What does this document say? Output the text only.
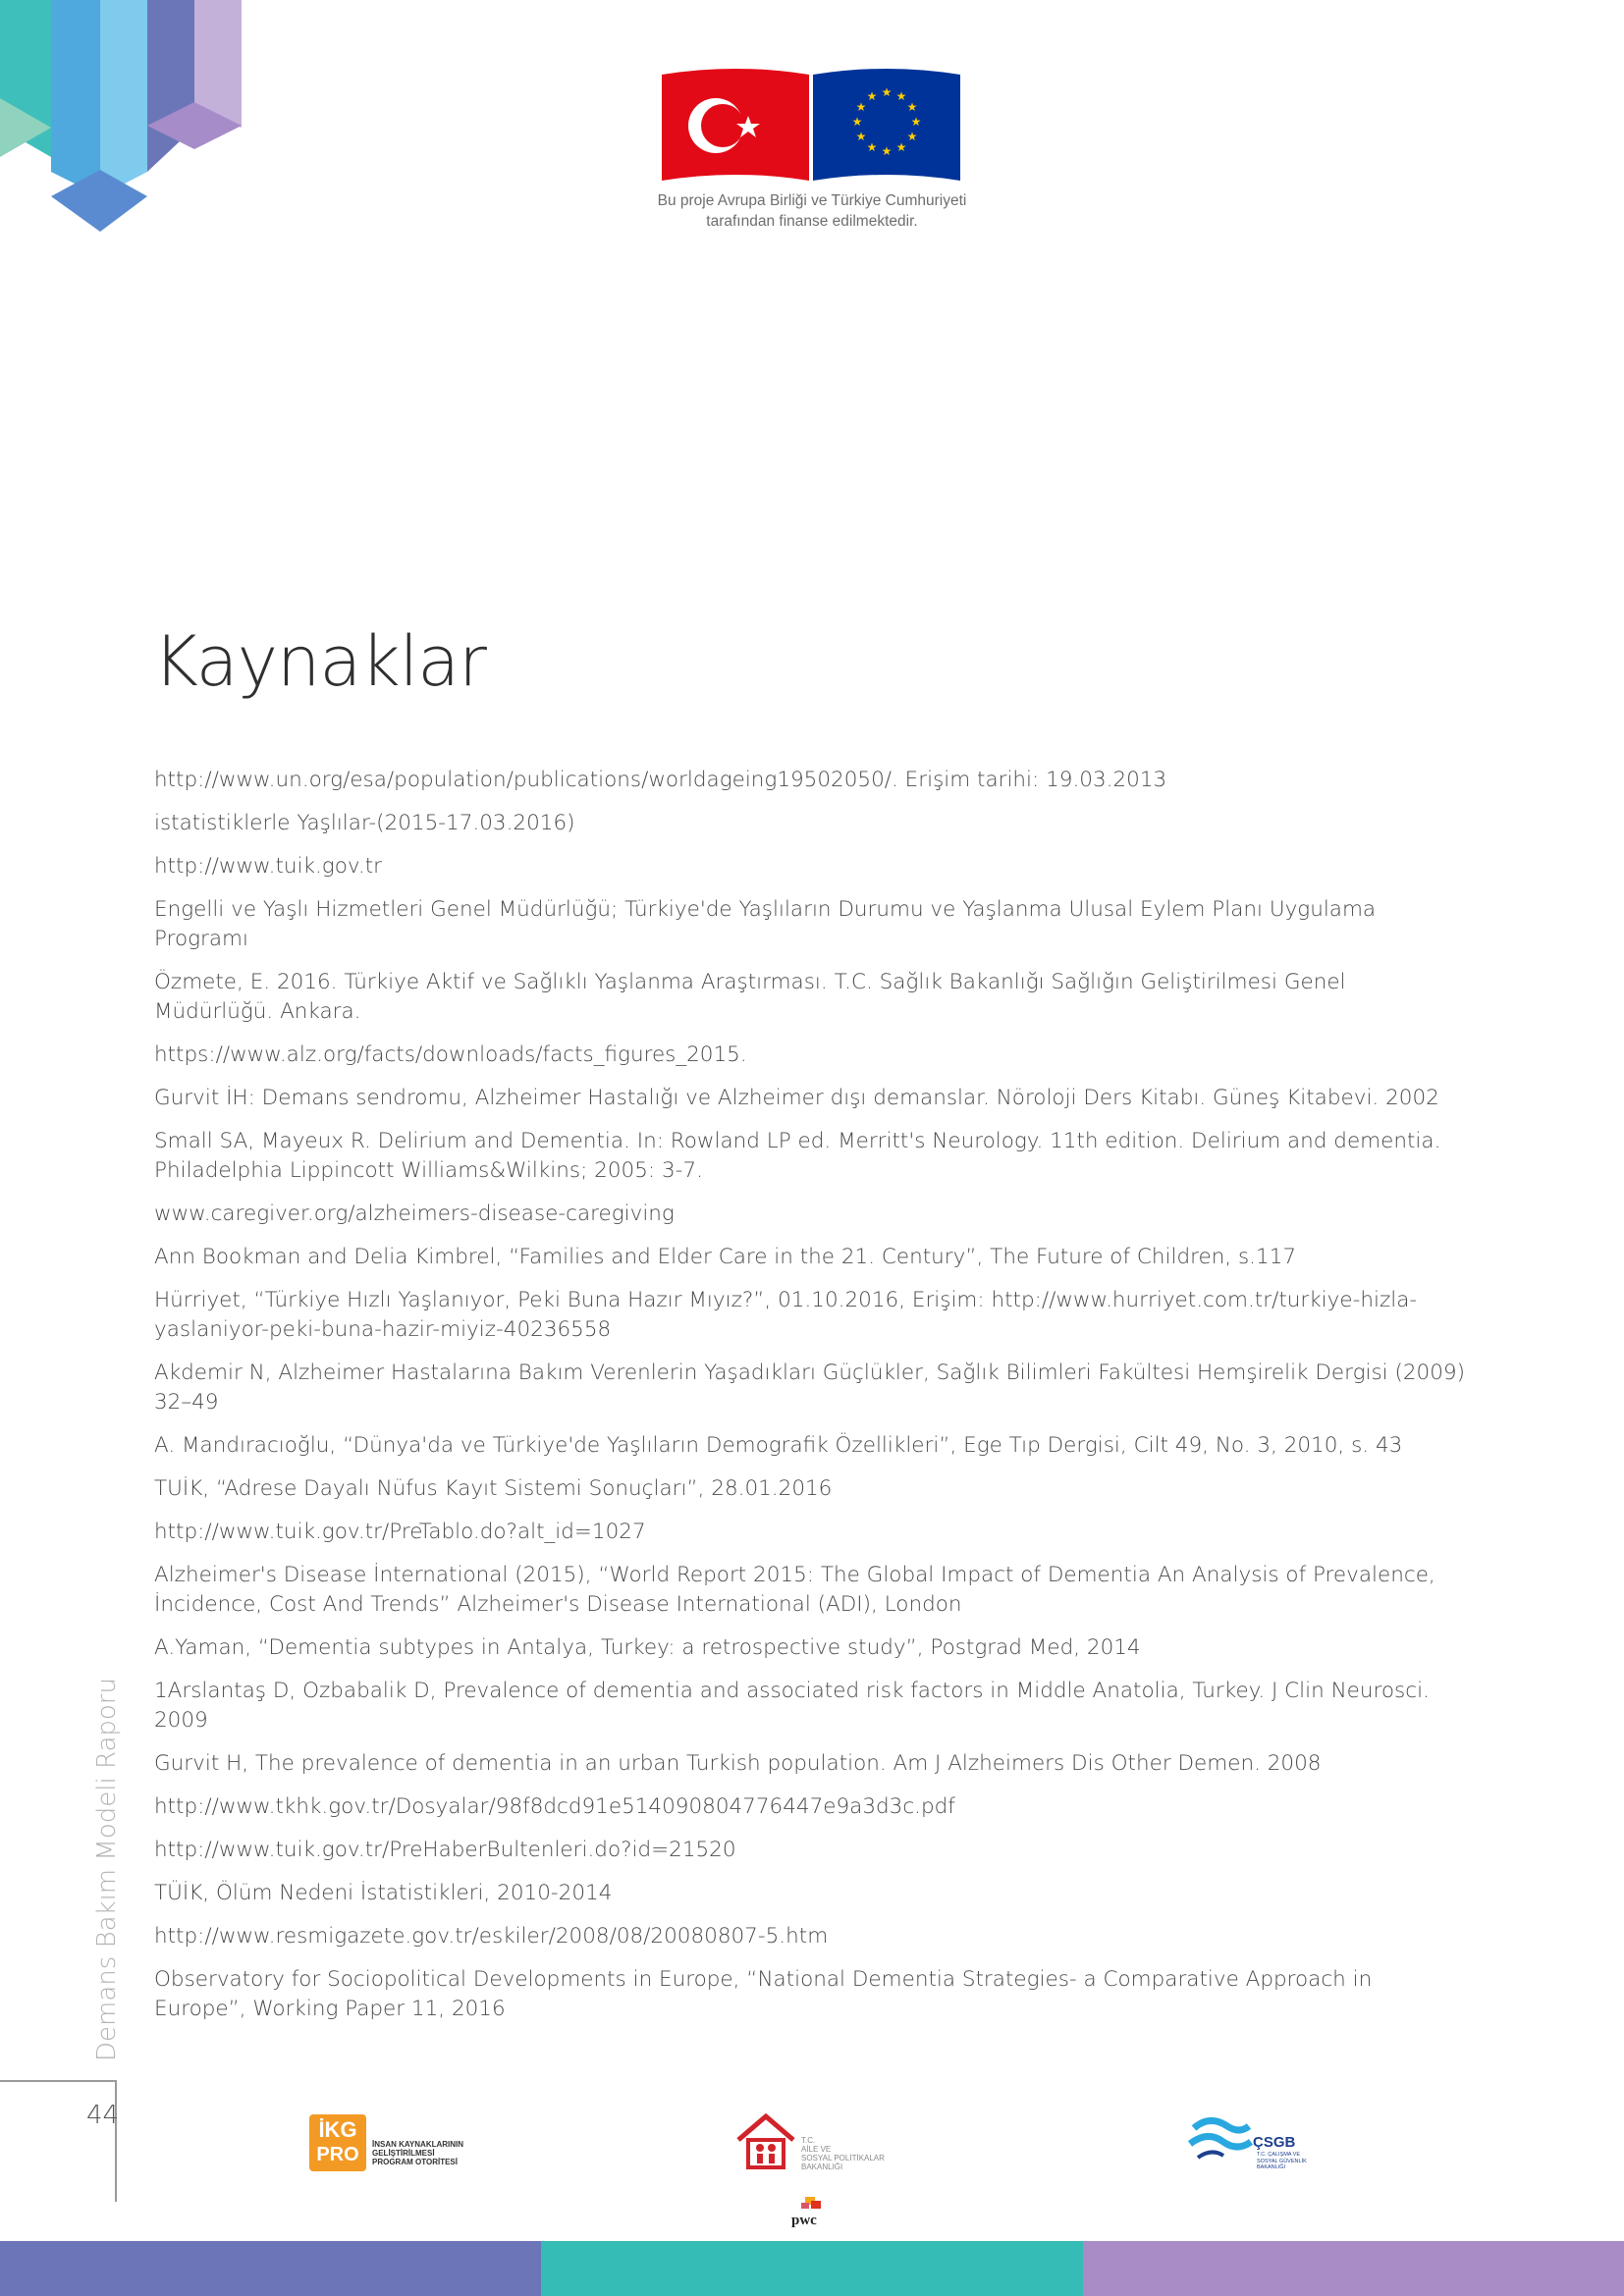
★ ★
★
★
★
★
★
★
★
★
★
★
Bu proje Avrupa Birliği ve Türkiye Cumhuriyeti
tarafından finanse edilmektedir.
Kaynaklar
http://www.un.org/esa/population/publications/worldageing19502050/. Erişim tarihi: 19.03.2013
istatistiklerle Yaşlılar-(2015-17.03.2016)
http://www.tuik.gov.tr
Engelli ve Yaşlı Hizmetleri Genel Müdürlüğü; Türkiye'de Yaşlıların Durumu ve Yaşlanma Ulusal Eylem Planı Uygulama Programı
Özmete, E. 2016. Türkiye Aktif ve Sağlıklı Yaşlanma Araştırması. T.C. Sağlık Bakanlığı Sağlığın Geliştirilmesi Genel Müdürlüğü. Ankara.
https://www.alz.org/facts/downloads/facts_figures_2015.
Gurvit İH: Demans sendromu, Alzheimer Hastalığı ve Alzheimer dışı demanslar. Nöroloji Ders Kitabı. Güneş Kitabevi. 2002
Small SA, Mayeux R. Delirium and Dementia. In: Rowland LP ed. Merritt's Neurology. 11th edition. Delirium and dementia. Philadelphia Lippincott Williams&Wilkins; 2005: 3-7.
www.caregiver.org/alzheimers-disease-caregiving
Ann Bookman and Delia Kimbrel, “Families and Elder Care in the 21. Century”, The Future of Children, s.117
Hürriyet, “Türkiye Hızlı Yaşlanıyor, Peki Buna Hazır Mıyız?”, 01.10.2016, Erişim: http://www.hurriyet.com.tr/turkiye-hizla-yaslaniyor-peki-buna-hazir-miyiz-40236558
Akdemir N, Alzheimer Hastalarına Bakım Verenlerin Yaşadıkları Güçlükler, Sağlık Bilimleri Fakültesi Hemşirelik Dergisi (2009) 32–49
A. Mandıracıoğlu, “Dünya'da ve Türkiye'de Yaşlıların Demografik Özellikleri”, Ege Tıp Dergisi, Cilt 49, No. 3, 2010, s. 43
TUİK, “Adrese Dayalı Nüfus Kayıt Sistemi Sonuçları”, 28.01.2016
http://www.tuik.gov.tr/PreTablo.do?alt_id=1027
Alzheimer's Disease İnternational (2015), “World Report 2015: The Global Impact of Dementia An Analysis of Prevalence, İncidence, Cost And Trends” Alzheimer's Disease International (ADI), London
A.Yaman, “Dementia subtypes in Antalya, Turkey: a retrospective study”, Postgrad Med, 2014
1Arslantaş D, Ozbabalik D, Prevalence of dementia and associated risk factors in Middle Anatolia, Turkey. J Clin Neurosci. 2009
Gurvit H, The prevalence of dementia in an urban Turkish population. Am J Alzheimers Dis Other Demen. 2008
http://www.tkhk.gov.tr/Dosyalar/98f8dcd91e514090804776447e9a3d3c.pdf
http://www.tuik.gov.tr/PreHaberBultenleri.do?id=21520
TÜİK, Ölüm Nedeni İstatistikleri, 2010-2014
http://www.resmigazete.gov.tr/eskiler/2008/08/20080807-5.htm
Observatory for Sociopolitical Developments in Europe, “National Dementia Strategies- a Comparative Approach in Europe”, Working Paper 11, 2016
Demans Bakım Modeli Raporu
44	İKG
PRO	İNSAN KAYNAKLARININ
GELİŞTİRİLMESİ
PROGRAM OTORİTESİ
T.C.
AİLE VE
SOSYAL POLİTİKALAR
BAKANLIĞI
pwc
ÇSGB
T.C. ÇALIŞMA VE
SOSYAL GÜVENLİK
BAKANLIĞI
